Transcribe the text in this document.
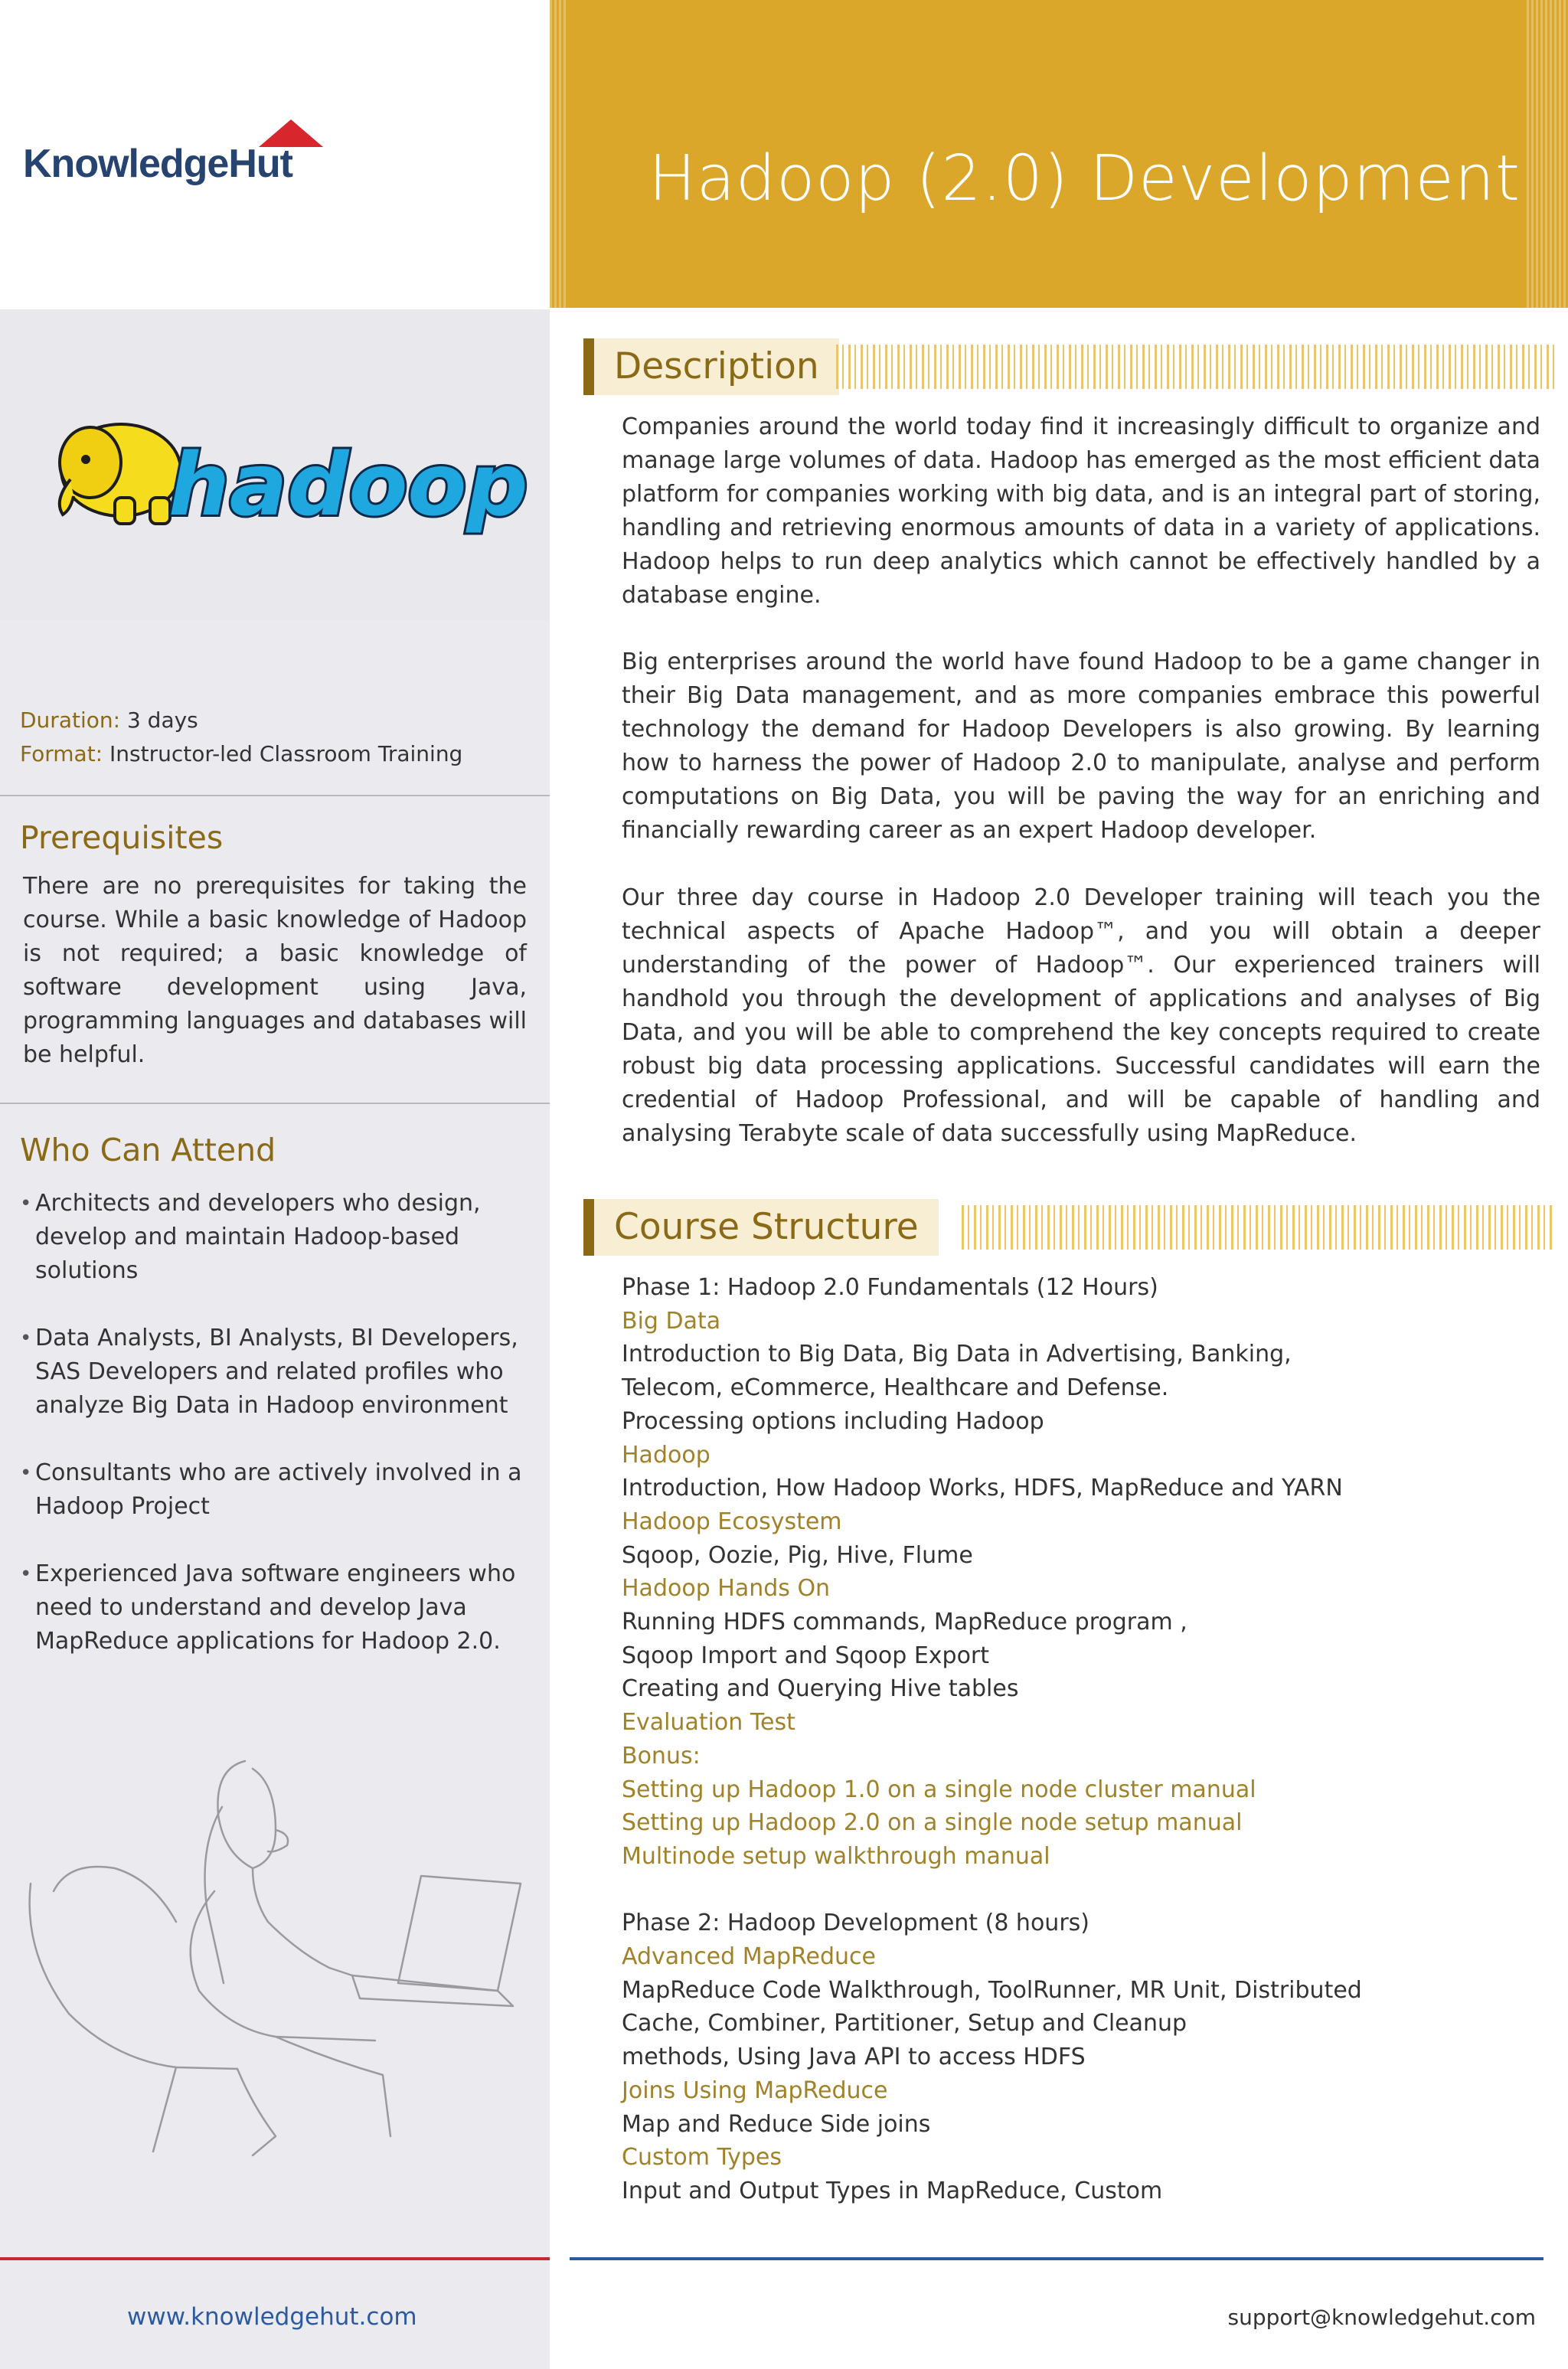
KnowledgeHut	Hadoop (2.0) Development
hadoop
Duration: 3 days
Format: Instructor-led Classroom Training
Prerequisites
There are no prerequisites for taking the course. While a basic knowledge of Hadoop is not required; a basic knowledge of software development using Java, programming languages and databases will be helpful.
Who Can Attend
• Architects and developers who design, develop and maintain Hadoop-based solutions
• Data Analysts, BI Analysts, BI Developers, SAS Developers and related profiles who analyze Big Data in Hadoop environment
• Consultants who are actively involved in a Hadoop Project
• Experienced Java software engineers who need to understand and develop Java MapReduce applications for Hadoop 2.0.
Description

Companies around the world today find it increasingly difficult to organize and manage large volumes of data. Hadoop has emerged as the most efficient data platform for companies working with big data, and is an integral part of storing, handling and retrieving enormous amounts of data in a variety of applications. Hadoop helps to run deep analytics which cannot be effectively handled by a database engine.

Big enterprises around the world have found Hadoop to be a game changer in their Big Data management, and as more companies embrace this powerful technology the demand for Hadoop Developers is also growing. By learning how to harness the power of Hadoop 2.0 to manipulate, analyse and perform computations on Big Data, you will be paving the way for an enriching and financially rewarding career as an expert Hadoop developer.

Our three day course in Hadoop 2.0 Developer training will teach you the technical aspects of Apache Hadoop™, and you will obtain a deeper understanding of the power of Hadoop™. Our experienced trainers will handhold you through the development of applications and analyses of Big Data, and you will be able to comprehend the key concepts required to create robust big data processing applications. Successful candidates will earn the credential of Hadoop Professional, and will be capable of handling and analysing Terabyte scale of data successfully using MapReduce.

Course Structure
Phase 1: Hadoop 2.0 Fundamentals (12 Hours)
Big Data
Introduction to Big Data, Big Data in Advertising, Banking,
Telecom, eCommerce, Healthcare and Defense.
Processing options including Hadoop
Hadoop
Introduction, How Hadoop Works, HDFS, MapReduce and YARN
Hadoop Ecosystem
Sqoop, Oozie, Pig, Hive, Flume
Hadoop Hands On
Running HDFS commands, MapReduce program ,
Sqoop Import and Sqoop Export
Creating and Querying Hive tables
Evaluation Test
Bonus:
Setting up Hadoop 1.0 on a single node cluster manual
Setting up Hadoop 2.0 on a single node setup manual
Multinode setup walkthrough manual
Phase 2: Hadoop Development (8 hours)
Advanced MapReduce
MapReduce Code Walkthrough, ToolRunner, MR Unit, Distributed
Cache, Combiner, Partitioner, Setup and Cleanup
methods, Using Java API to access HDFS
Joins Using MapReduce
Map and Reduce Side joins
Custom Types
Input and Output Types in MapReduce, Custom
www.knowledgehut.com	support@knowledgehut.com
